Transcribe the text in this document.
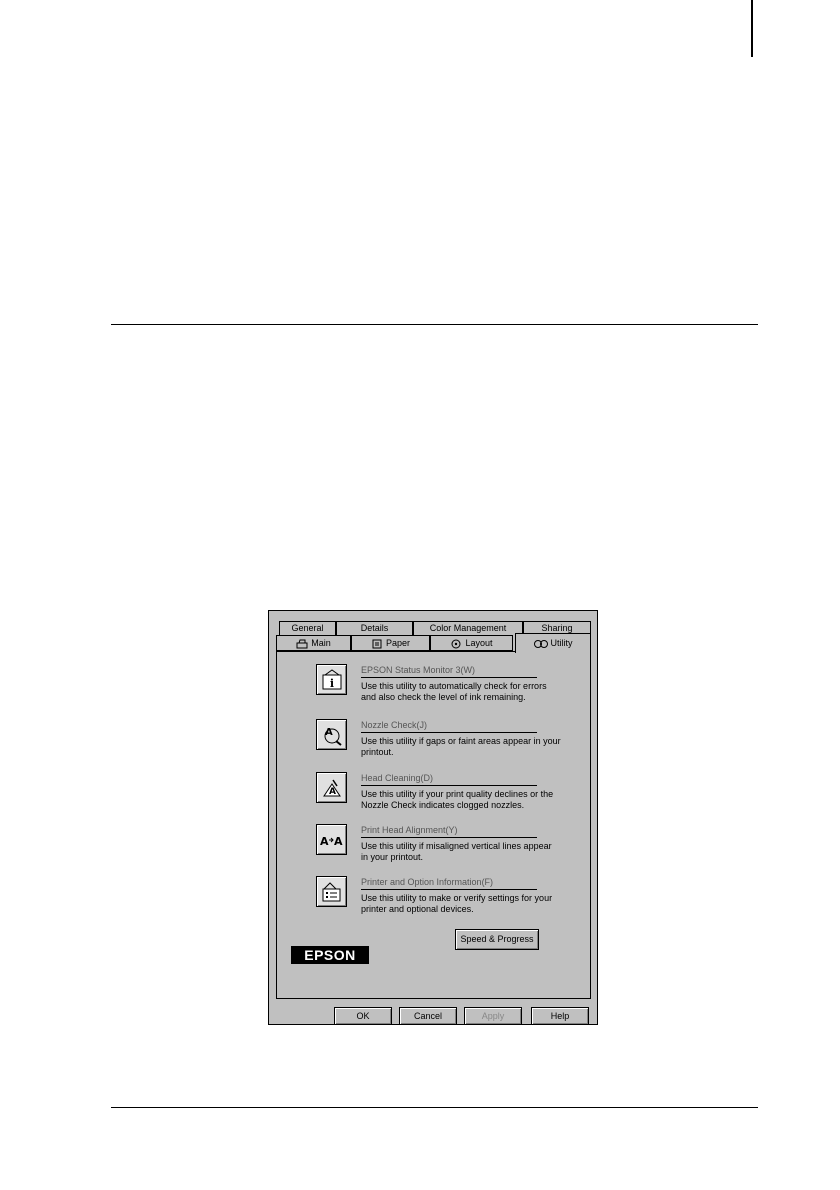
General	Details	Color Management	Sharing
Main	Paper	Layout	Utility
i
EPSON Status Monitor 3(W)
Use this utility to automatically check for errors and also check the level of ink remaining.
A
Nozzle Check(J)
Use this utility if gaps or faint areas appear in your printout.
A
Head Cleaning(D)
Use this utility if your print quality declines or the Nozzle Check indicates clogged nozzles.
A A
Print Head Alignment(Y)
Use this utility if misaligned vertical lines appear in your printout.
Printer and Option Information(F)
Use this utility to make or verify settings for your printer and optional devices.
Speed & Progress
EPSON
OK	Cancel	Apply	Help
